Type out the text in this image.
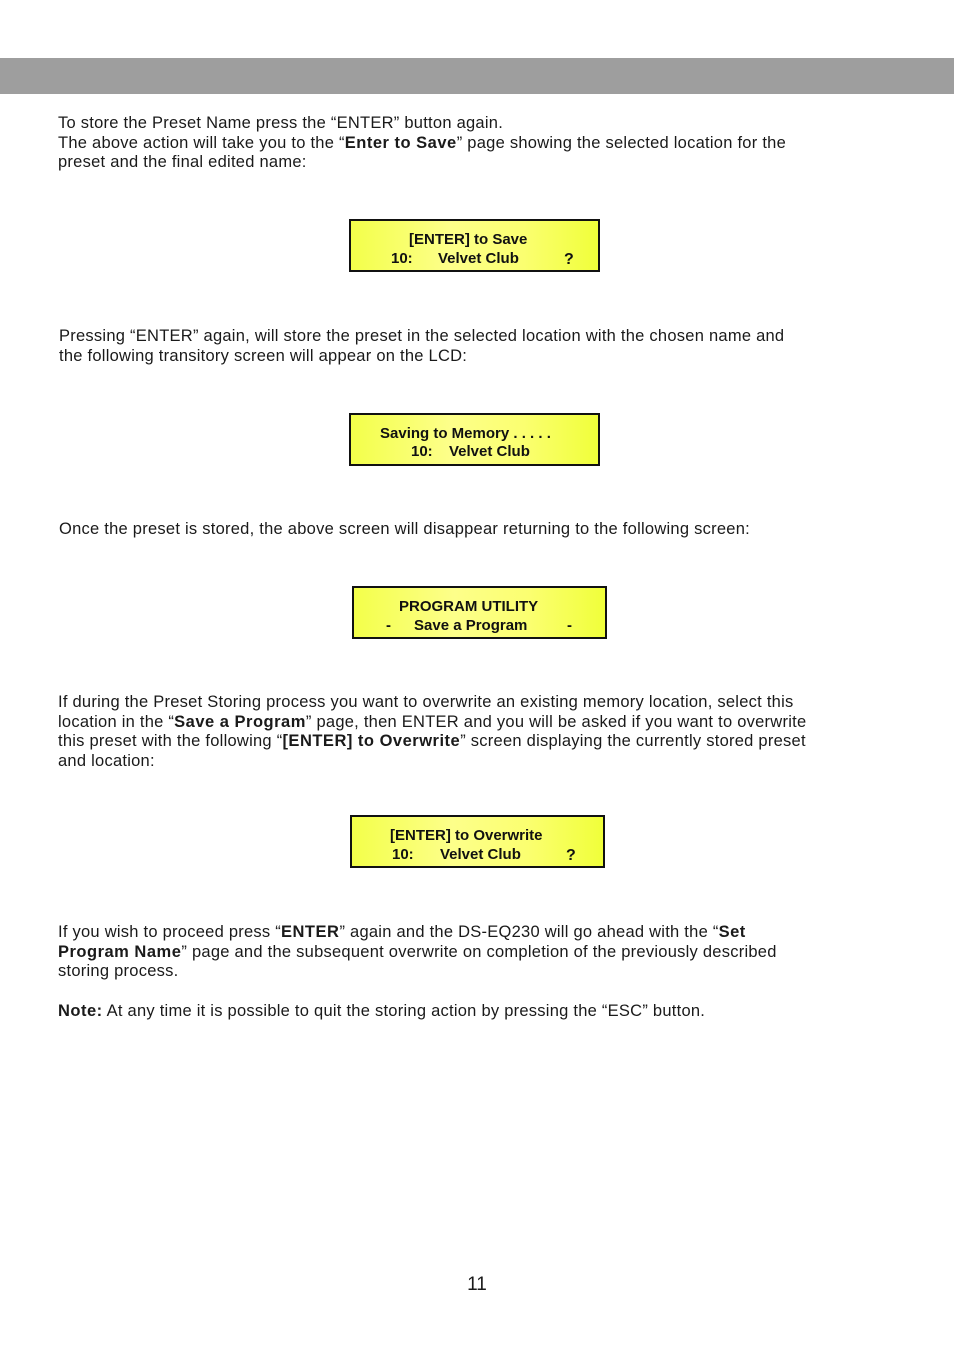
To store the Preset Name press the “ENTER” button again.
The above action will take you to the “Enter to Save” page showing the selected location for the
preset and the final edited name:
[ENTER] to Save
10: Velvet Club	?
Pressing “ENTER” again, will store the preset in the selected location with the chosen name and
the following transitory screen will appear on the LCD:
Saving to Memory . . . . .
10: Velvet Club
Once the preset is stored, the above screen will disappear returning to the following screen:
PROGRAM UTILITY
- Save a Program	-
If during the Preset Storing process you want to overwrite an existing memory location, select this
location in the “Save a Program” page, then ENTER and you will be asked if you want to overwrite
this preset with the following “[ENTER] to Overwrite” screen displaying the currently stored preset
and location:
[ENTER] to Overwrite
10: Velvet Club	?
If you wish to proceed press “ENTER” again and the DS-EQ230 will go ahead with the “Set
Program Name” page and the subsequent overwrite on completion of the previously described
storing process.
Note: At any time it is possible to quit the storing action by pressing the “ESC” button.
11
